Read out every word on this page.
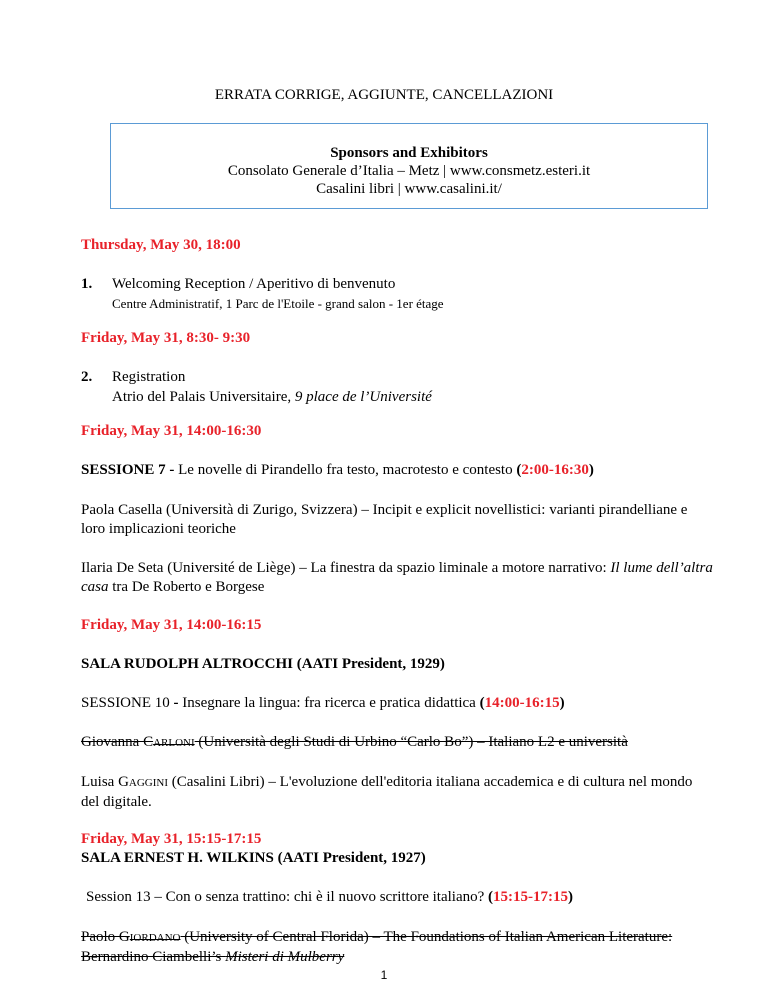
ERRATA CORRIGE, AGGIUNTE, CANCELLAZIONI
Sponsors and Exhibitors
Consolato Generale d’Italia – Metz | www.consmetz.esteri.it
Casalini libri | www.casalini.it/
Thursday, May 30, 18:00
1. Welcoming Reception / Aperitivo di benvenuto
Centre Administratif, 1 Parc de l'Etoile - grand salon - 1er étage
Friday, May 31, 8:30- 9:30
2. Registration
Atrio del Palais Universitaire, 9 place de l’Université
Friday, May 31, 14:00-16:30
SESSIONE 7 - Le novelle di Pirandello fra testo, macrotesto e contesto (2:00-16:30)
Paola Casella (Università di Zurigo, Svizzera) – Incipit e explicit novellistici: varianti pirandelliane e loro implicazioni teoriche
Ilaria De Seta (Université de Liège) – La finestra da spazio liminale a motore narrativo: Il lume dell’altra casa tra De Roberto e Borgese
Friday, May 31, 14:00-16:15
SALA RUDOLPH ALTROCCHI (AATI President, 1929)
SESSIONE 10 - Insegnare la lingua: fra ricerca e pratica didattica (14:00-16:15)
Giovanna CARLONI (Università degli Studi di Urbino “Carlo Bo”) – Italiano L2 e università
Luisa GAGGINI (Casalini Libri) – L'evoluzione dell'editoria italiana accademica e di cultura nel mondo del digitale.
Friday, May 31, 15:15-17:15
SALA ERNEST H. WILKINS (AATI President, 1927)
Session 13 – Con o senza trattino: chi è il nuovo scrittore italiano? (15:15-17:15)
Paolo GIORDANO (University of Central Florida) – The Foundations of Italian American Literature: Bernardino Ciambelli’s Misteri di Mulberry
1
